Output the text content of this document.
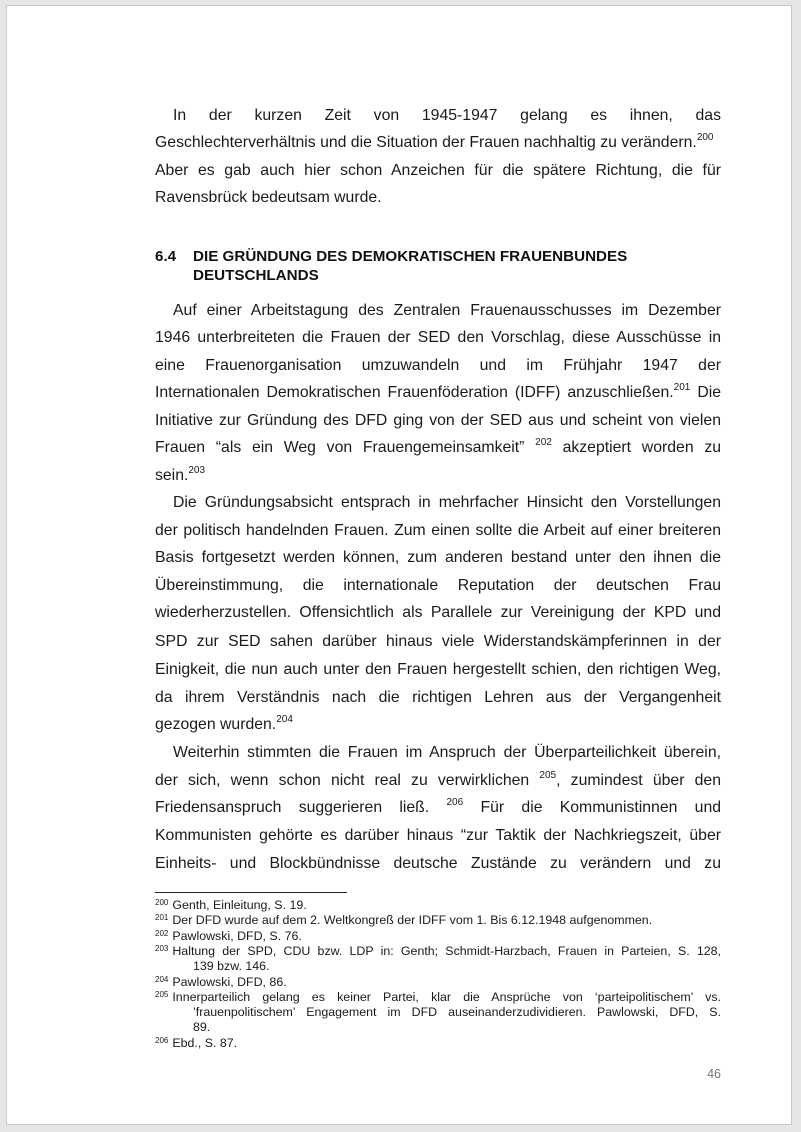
In der kurzen Zeit von 1945-1947 gelang es ihnen, das
Geschlechterverhältnis und die Situation der Frauen nachhaltig zu verändern.$^{200}$
Aber es gab auch hier schon Anzeichen für die spätere Richtung, die für
Ravensbrück bedeutsam wurde.
6.4 DIE GRÜNDUNG DES DEMOKRATISCHEN FRAUENBUNDES
DEUTSCHLANDS
Auf einer Arbeitstagung des Zentralen Frauenausschusses im Dezember
1946 unterbreiteten die Frauen der SED den Vorschlag, diese Ausschüsse in
eine Frauenorganisation umzuwandeln und im Frühjahr 1947 der
Internationalen Demokratischen Frauenföderation (IDFF) anzuschließen.$^{201}$ Die
Initiative zur Gründung des DFD ging von der SED aus und scheint von vielen
Frauen “als ein Weg von Frauengemeinsamkeit” $^{202}$ akzeptiert worden zu
sein.$^{203}$
Die Gründungsabsicht entsprach in mehrfacher Hinsicht den Vorstellungen
der politisch handelnden Frauen. Zum einen sollte die Arbeit auf einer breiteren
Basis fortgesetzt werden können, zum anderen bestand unter den ihnen die
Übereinstimmung, die internationale Reputation der deutschen Frau
wiederherzustellen. Offensichtlich als Parallele zur Vereinigung der KPD und
SPD zur SED sahen darüber hinaus viele Widerstandskämpferinnen in der
Einigkeit, die nun auch unter den Frauen hergestellt schien, den richtigen Weg,
da ihrem Verständnis nach die richtigen Lehren aus der Vergangenheit
gezogen wurden.$^{204}$
Weiterhin stimmten die Frauen im Anspruch der Überparteilichkeit überein,
der sich, wenn schon nicht real zu verwirklichen $^{205}$, zumindest über den
Friedensanspruch suggerieren ließ. $^{206}$ Für die Kommunistinnen und
Kommunisten gehörte es darüber hinaus “zur Taktik der Nachkriegszeit, über
Einheits- und Blockbündnisse deutsche Zustände zu verändern und zu
$^{200}$ Genth, Einleitung, S. 19.
$^{201}$ Der DFD wurde auf dem 2. Weltkongreß der IDFF vom 1. Bis 6.12.1948 aufgenommen.
$^{202}$ Pawlowski, DFD, S. 76.
$^{203}$ Haltung der SPD, CDU bzw. LDP in: Genth; Schmidt-Harzbach, Frauen in Parteien, S. 128,
139 bzw. 146.
$^{204}$ Pawlowski, DFD, 86.
$^{205}$ Innerparteilich gelang es keiner Partei, klar die Ansprüche von ‘parteipolitischem’ vs.
’frauenpolitischem’ Engagement im DFD auseinanderzudividieren. Pawlowski, DFD, S.
89.
$^{206}$ Ebd., S. 87.
46
